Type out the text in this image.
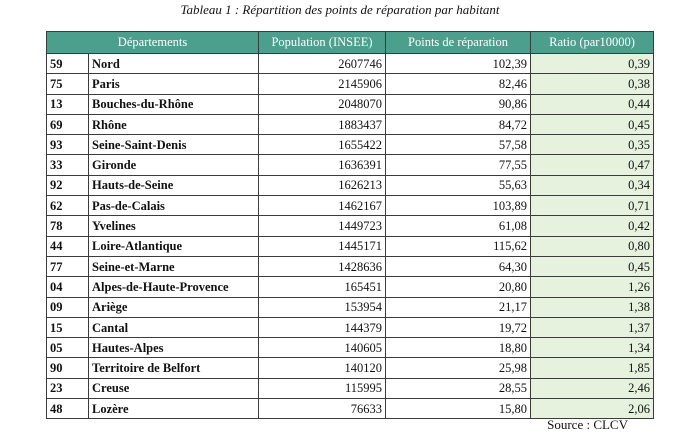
Tableau 1 : Répartition des points de réparation par habitant
Départements		Population (INSEE)	Points de réparation	Ratio (par10000)
59	Nord	2607746	102,39	0,39
75	Paris	2145906	82,46	0,38
13	Bouches-du-Rhône	2048070	90,86	0,44
69	Rhône	1883437	84,72	0,45
93	Seine-Saint-Denis	1655422	57,58	0,35
33	Gironde	1636391	77,55	0,47
92	Hauts-de-Seine	1626213	55,63	0,34
62	Pas-de-Calais	1462167	103,89	0,71
78	Yvelines	1449723	61,08	0,42
44	Loire-Atlantique	1445171	115,62	0,80
77	Seine-et-Marne	1428636	64,30	0,45
04	Alpes-de-Haute-Provence	165451	20,80	1,26
09	Ariège	153954	21,17	1,38
15	Cantal	144379	19,72	1,37
05	Hautes-Alpes	140605	18,80	1,34
90	Territoire de Belfort	140120	25,98	1,85
23	Creuse	115995	28,55	2,46
48	Lozère	76633	15,80	2,06
Source : CLCV
